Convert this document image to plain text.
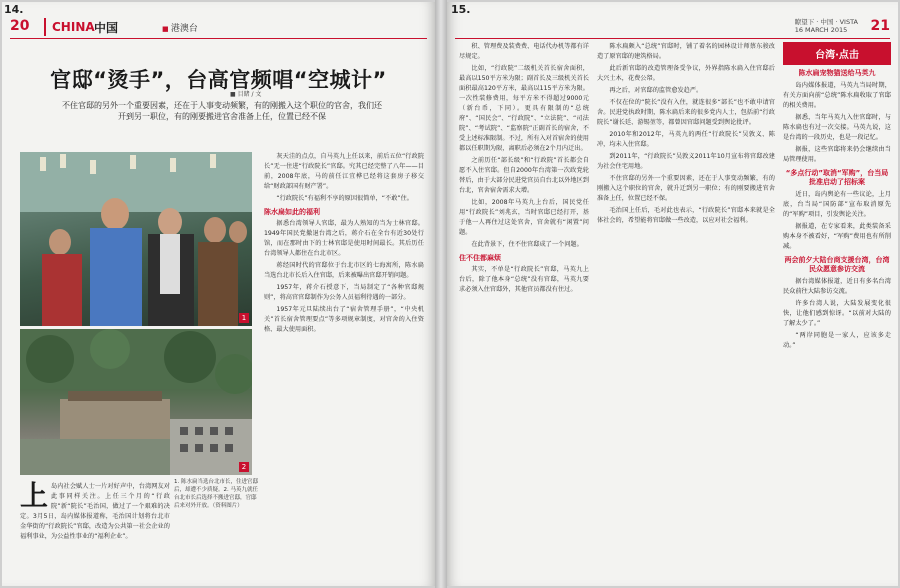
14.
20	CHINA 中国
■	港澳台
官邸“烫手”，台高官频唱“空城计”
■ 目睹 / 文

不住官邸的另外一个重要因素，还在于人事变动频繁，有的刚搬入这个职位的官舍，我们还开到另一职位，有的刚要搬进官舍准备上任，位置已经不保

1
2

1. 陈水扁当选台北市长，住进官邸后，却遭不少质疑。2. 马英九就任台北市长后选择不搬进官邸，官邸后来对外开放。（资料图片）

灰天洼的点点，自马英九上任以来，前后五位“行政院长”无一住进“行政院长”官邸。究其已经完整了八年——目前，2008年底，马的前任江宜桦已经将这套房子移交给“财政部国有财产署”。

“行政院长”有福利不享的原因很简单，“不敢”住。

陈水扁如此的福利

据悉台湾领导人官邸，最为人熟知的当为士林官邸。1949年国民党撤退台湾之后，蒋介石在全台有近30处行馆，而在那时由下的士林官邸是使用时间最长。其后历任台湾领导人都住在台北市区。

蒋经国时代的官邸位于台北市区的七海寓所，陈水扁当选台北市长后入住官邸，后来被曝出官邸开销问题。

1957年，蒋介石授意下，当局制定了“各种官邸规则”，将高官官邸制作为公务人员福利待遇的一部分。

1957年元旦陆续出台了“宿舍管理手册”，“中央机关”首长宿舍管理要点”等多项规章制度，对官舍的入住资格、最大使用面积。

上 岛内社会赋人士一片对好声中，台湾网友对此事同样关注。上任三个月的“行政院”新“院长”毛治国，做过了一个艰难的决定。3月5日，岛内媒体报道称，毛治国计划将台北市金华街的“行政院长”官邸，改造为公共第一社会企业的福利事业，为公益性事业的“福利企业”。
15.
瞭望下 · 中国 · VISTA
16 MARCH 2015	21

积、管理费及装费费、电话代办机等都有详尽规定。

比如，“行政院”二级机关首长宿舍面积，最高以150平方米为限；副首长及三级机关首长面积最高120平方米，最高以115平方米为限。一次性装修费用，每平方米不得超过9000元（新台币，下同）。更具有限制的“总统府”、“国民会”、“行政院”、“立法院”、“司法院”、“考试院”、“监察院”正副首长的宿舍，不受上述标准限制。不过，所有入对首宿舍的使用都以任职期为限，离职后必须在2个月内迁出。

之前历任“部长级”和“行政院”首长都会自愿不入住官邸。但自2000年台湾第一次政党轮替后，由于大部分民进党官员自台北以外地区到台北，官舍宿舍需求大增。

比如，2008年马英九上台后，国民党任用“行政院长”刘兆玄，当时官邸已经打开，基于他一人再住过这处官舍，官舍就有“闲置”问题。

在此背景下，住不住官邸成了一个问题。

住不住都麻烦

其实，不单是“行政院长”官邸，马英九上台后，除了他本身“总统”没有官邸，马英九要求必须入住官邸外，其他官员都没有住过。

陈水扁颇入“总统”官邸时，铺了着名的园林设计师蔡东骏改造了原官邸的建筑格局。

此后新官邸的改造管理备受争议，外界指陈水扁入住官邸后大兴土木，花费公帑。

再之后，对官邸的监管愈发趋严。

不仅在位的“院长”没有入住，就连很多“部长”也不敢申请官舍。民进党执政时期，陈水扁后来的很多党内人士，包括前“行政院长”谢长廷、游锡堃等，都曾因官邸问题受到舆论批评。

2010年和2012年，马英九的两任“行政院长”吴敦义、陈冲，均未入住官邸。

到2011年，“行政院长”吴敦义2011年10月宣布将官邸改建为社会住宅用地。

不住官邸的另外一个重要因素，还在于人事变动频繁，有的刚搬入这个职位的官舍，就升迁到另一职位；有的刚要搬进官舍准备上任，位置已经不保。

毛治国上任后，毛对此也表示，“行政院长”官邸本来就是全体社会的，希望能将官邸做一些改造，以应对社会福利。

台湾·点击
陈水扁宠物猫送给马英九

岛内媒体报道，马英九当局时期，有关方面向前“总统”陈水扁收取了官邸的相关费用。

据悉，当年马英九入住官邸时，与陈水扁也有过一次交接。马英九说，这是台湾的一段历史，也是一段记忆。

据报，这些官邸将来仍会继续由当局管理使用。

“多点行动”取消“军购”，台当局批准启动了招标案

近日，岛内舆论有一些议论，上月底，台当局“国防部”宣布取消原先的“军购”项目，引发舆论关注。

据报道，在专家看来，此类装备采购本身不被看好，“军购”费用也有所削减。

两会前夕大陆台商支援台湾，台湾民众愿意参访交流

据台湾媒体报道，近日有多名台湾民众前往大陆参访交流。

许多台湾人说，大陆发展变化很快，让他们感到惊讶。“以前对大陆的了解太少了。”

“两岸同胞是一家人，应该多走动。”
